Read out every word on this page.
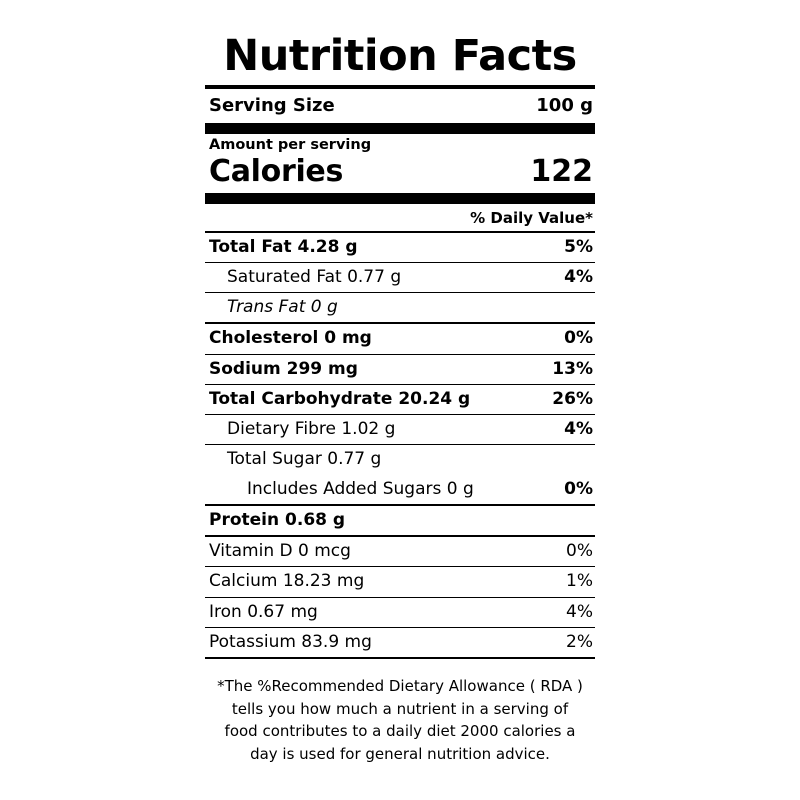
Nutrition Facts
Serving Size	100 g
Amount per serving
Calories	122
% Daily Value*
Total Fat 4.28 g	5%
Saturated Fat 0.77 g	4%
Trans Fat 0 g
Cholesterol 0 mg	0%
Sodium 299 mg	13%
Total Carbohydrate 20.24 g	26%
Dietary Fibre 1.02 g	4%
Total Sugar 0.77 g
Includes Added Sugars 0 g	0%
Protein 0.68 g
Vitamin D 0 mcg	0%
Calcium 18.23 mg	1%
Iron 0.67 mg	4%
Potassium 83.9 mg	2%
*The %Recommended Dietary Allowance ( RDA ) tells you how much a nutrient in a serving of food contributes to a daily diet 2000 calories a day is used for general nutrition advice.
